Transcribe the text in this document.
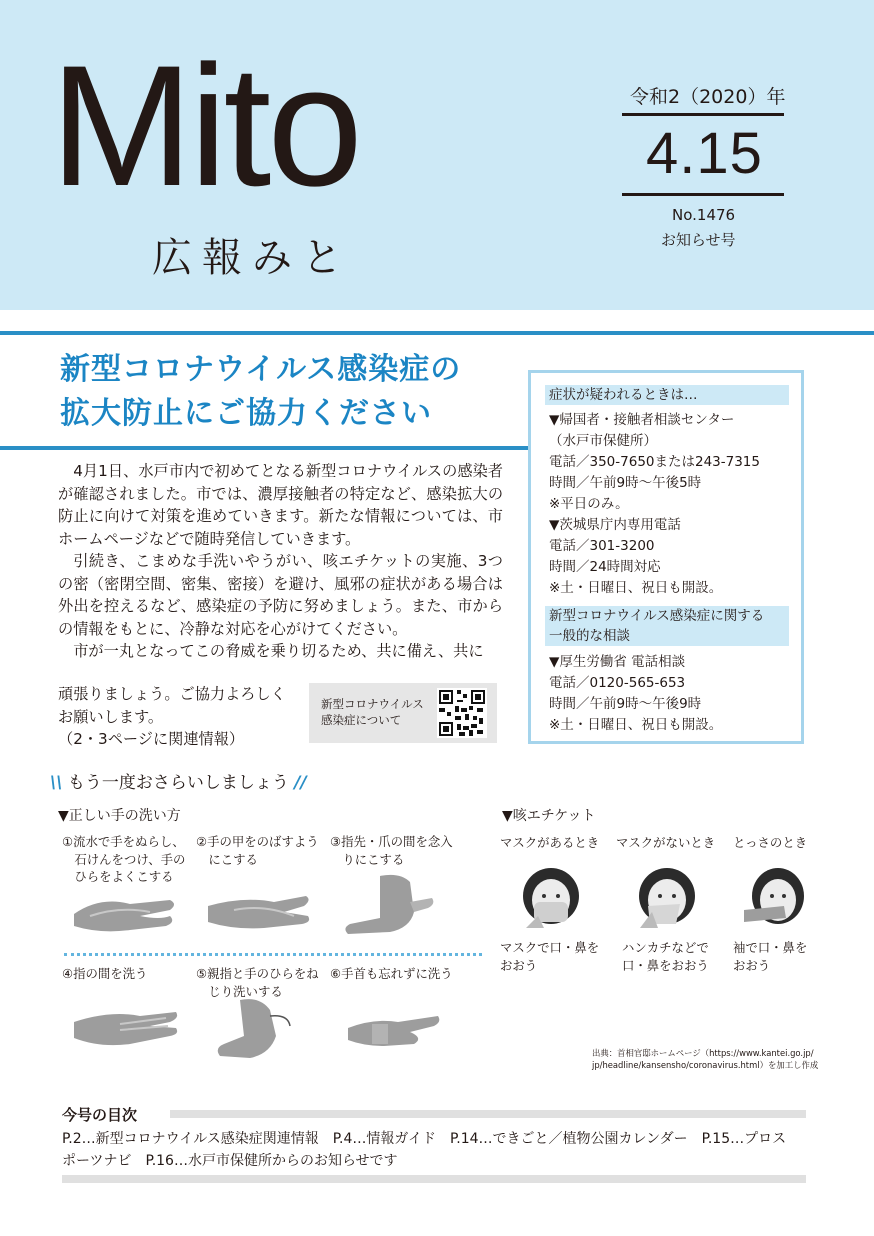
Mito
広報みと
令和2（2020）年
4.15
No.1476
お知らせ号
新型コロナウイルス感染症の
拡大防止にご協力ください

4月1日、水戸市内で初めてとなる新型コロナウイルスの感染者が確認されました。市では、濃厚接触者の特定など、感染拡大の防止に向けて対策を進めていきます。新たな情報については、市ホームページなどで随時発信していきます。

引続き、こまめな手洗いやうがい、咳エチケットの実施、3つの密（密閉空間、密集、密接）を避け、風邪の症状がある場合は外出を控えるなど、感染症の予防に努めましょう。また、市からの情報をもとに、冷静な対応を心がけてください。

市が一丸となってこの脅威を乗り切るため、共に備え、共に

頑張りましょう。ご協力よろしく
お願いします。
（2・3ページに関連情報）
新型コロナウイルス
感染症について
症状が疑われるときは…
▼帰国者・接触者相談センター
（水戸市保健所）
電話／350-7650または243-7315
時間／午前9時～午後5時
※平日のみ。
▼茨城県庁内専用電話
電話／301-3200
時間／24時間対応
※土・日曜日、祝日も開設。
新型コロナウイルス感染症に関する
一般的な相談
▼厚生労働省 電話相談
電話／0120-565-653
時間／午前9時～午後9時
※土・日曜日、祝日も開設。
\\ もう一度おさらいしましょう //
▼正しい手の洗い方	▼咳エチケット
①流水で手をぬらし、
　石けんをつけ、手の
　ひらをよくこする
②手の甲をのばすよう
　にこする
③指先・爪の間を念入
　りにこする
④指の間を洗う	⑤親指と手のひらをね
　じり洗いする
⑥手首も忘れずに洗う
マスクがあるとき マスクがないとき とっさのとき
マスクで口・鼻を
おおう
ハンカチなどで
口・鼻をおおう
袖で口・鼻を
おおう
出典：首相官邸ホームページ（https://www.kantei.go.jp/
jp/headline/kansensho/coronavirus.html）を加工し作成
今号の目次
P.2…新型コロナウイルス感染症関連情報　P.4…情報ガイド　P.14…できごと／植物公園カレンダー　P.15…プロス
ポーツナビ　P.16…水戸市保健所からのお知らせです
